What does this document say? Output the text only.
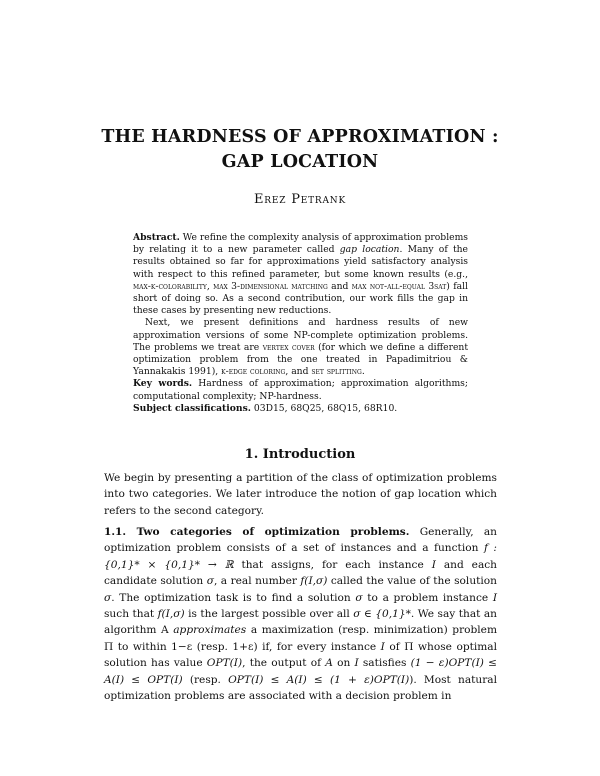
THE HARDNESS OF APPROXIMATION :
GAP LOCATION
Erez Petrank

Abstract. We refine the complexity analysis of approximation problems by relating it to a new parameter called gap location. Many of the results obtained so far for approximations yield satisfactory analysis with respect to this refined parameter, but some known results (e.g., max-k-colorability, max 3-dimensional matching and max not-all-equal 3sat) fall short of doing so. As a second contribution, our work fills the gap in these cases by presenting new reductions.

Next, we present definitions and hardness results of new approximation versions of some NP-complete optimization problems. The problems we treat are vertex cover (for which we define a different optimization problem from the one treated in Papadimitriou & Yannakakis 1991), k-edge coloring, and set splitting.

Key words. Hardness of approximation; approximation algorithms; computational complexity; NP-hardness.

Subject classifications. 03D15, 68Q25, 68Q15, 68R10.

1. Introduction

We begin by presenting a partition of the class of optimization problems into two categories. We later introduce the notion of gap location which refers to the second category.

1.1. Two categories of optimization problems. Generally, an optimization problem consists of a set of instances and a function f : {0,1}* × {0,1}* → ℝ that assigns, for each instance I and each candidate solution σ, a real number f(I,σ) called the value of the solution σ. The optimization task is to find a solution σ to a problem instance I such that f(I,σ) is the largest possible over all σ ∈ {0,1}*. We say that an algorithm A approximates a maximization (resp. minimization) problem Π to within 1−ε (resp. 1+ε) if, for every instance I of Π whose optimal solution has value OPT(I), the output of A on I satisfies (1 − ε)OPT(I) ≤ A(I) ≤ OPT(I) (resp. OPT(I) ≤ A(I) ≤ (1 + ε)OPT(I)). Most natural optimization problems are associated with a decision problem in
